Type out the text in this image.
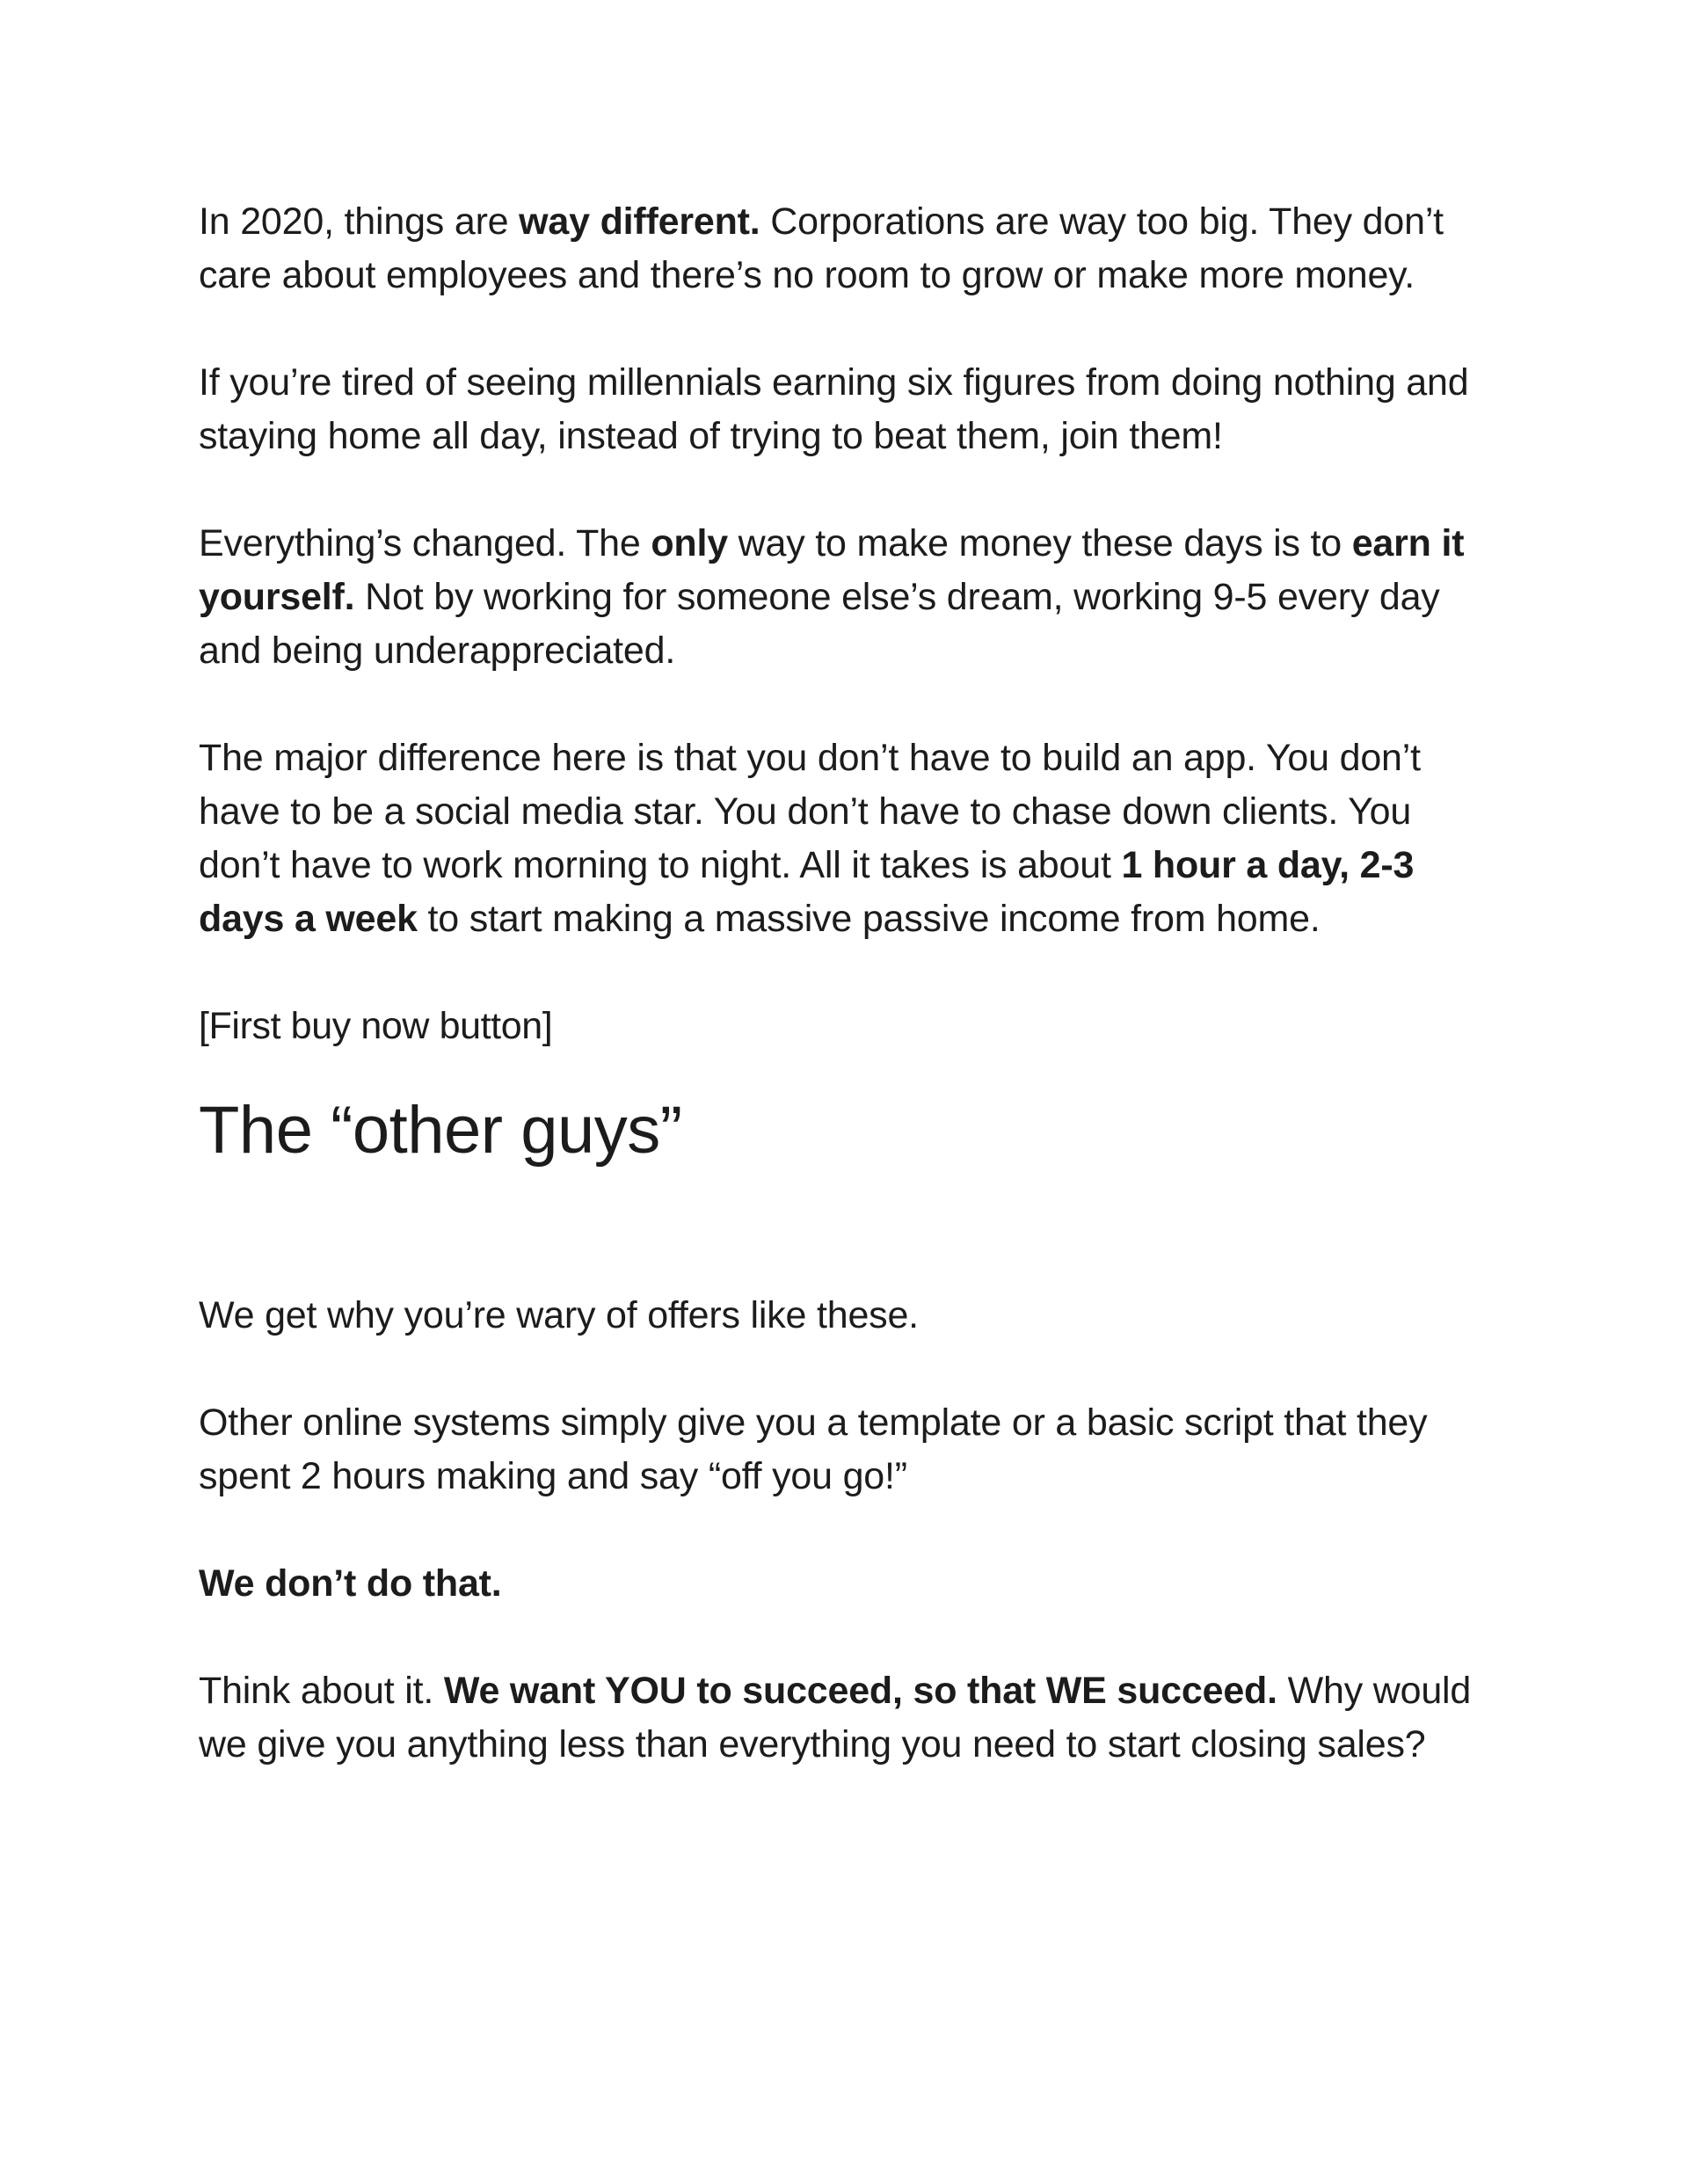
In 2020, things are way different. Corporations are way too big. They don’t care about employees and there’s no room to grow or make more money.

If you’re tired of seeing millennials earning six figures from doing nothing and staying home all day, instead of trying to beat them, join them!

Everything’s changed. The only way to make money these days is to earn it yourself. Not by working for someone else’s dream, working 9-5 every day and being underappreciated.

The major difference here is that you don’t have to build an app. You don’t have to be a social media star. You don’t have to chase down clients. You don’t have to work morning to night. All it takes is about 1 hour a day, 2-3 days a week to start making a massive passive income from home.

[First buy now button]

The “other guys”

We get why you’re wary of offers like these.

Other online systems simply give you a template or a basic script that they spent 2 hours making and say “off you go!”

We don’t do that.

Think about it. We want YOU to succeed, so that WE succeed. Why would we give you anything less than everything you need to start closing sales?
